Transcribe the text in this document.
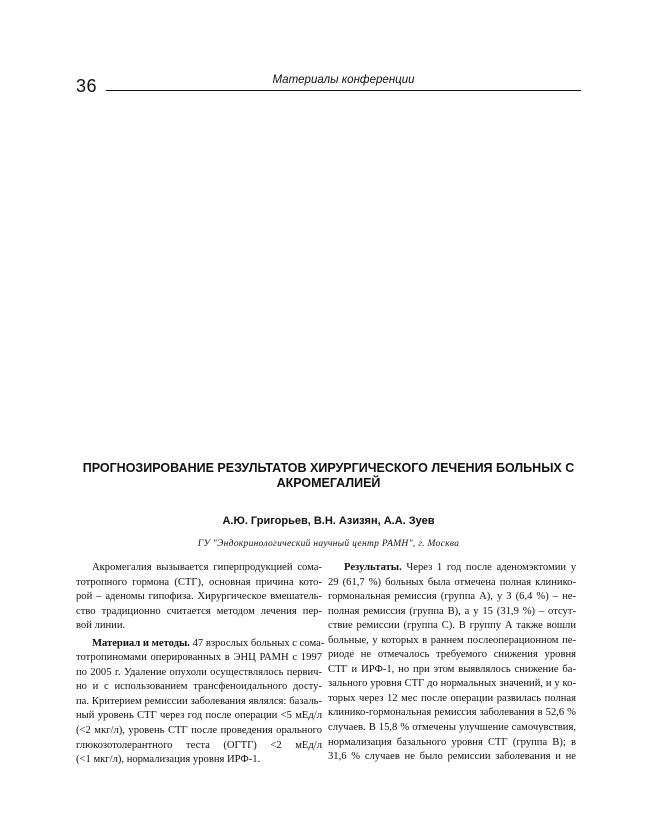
36	Материалы конференции
ПРОГНОЗИРОВАНИЕ РЕЗУЛЬТАТОВ ХИРУРГИЧЕСКОГО ЛЕЧЕНИЯ БОЛЬНЫХ С
АКРОМЕГАЛИЕЙ
А.Ю. Григорьев, В.Н. Азизян, А.А. Зуев
ГУ "Эндокринологический научный центр РАМН", г. Москва

Акромегалия вызывается гиперпродукцией сома-
тотропного гормона (СТГ), основная причина кото-
рой – аденомы гипофиза. Хирургическое вмешатель-
ство традиционно считается методом лечения пер-
вой линии.

Материал и методы. 47 взрослых больных с сома-
тотропиномами оперированных в ЭНЦ РАМН с 1997
по 2005 г. Удаление опухоли осуществлялось первич-
но и с использованием трансфеноидального досту-
па. Критерием ремиссии заболевания являлся: базаль-
ный уровень СТГ через год после операции <5 мЕд/л
(<2 мкг/л), уровень СТГ после проведения орального
глюкозотолерантного теста (ОГТГ) <2 мЕд/л
(<1 мкг/л), нормализация уровня ИРФ-1.

Результаты. Через 1 год после аденомэктомии у
29 (61,7 %) больных была отмечена полная клинико-
гормональная ремиссия (группа А), у 3 (6,4 %) – не-
полная ремиссия (группа В), а у 15 (31,9 %) – отсут-
ствие ремиссии (группа С). В группу А также вошли
больные, у которых в раннем послеоперационном пе-
риоде не отмечалось требуемого снижения уровня
СТГ и ИРФ-1, но при этом выявлялось снижение ба-
зального уровня СТГ до нормальных значений, и у ко-
торых через 12 мес после операции развилась полная
клинико-гормональная ремиссия заболевания в 52,6 %
случаев. В 15,8 % отмечены улучшение самочувствия,
нормализация базального уровня СТГ (группа В); в
31,6 % случаев не было ремиссии заболевания и не
